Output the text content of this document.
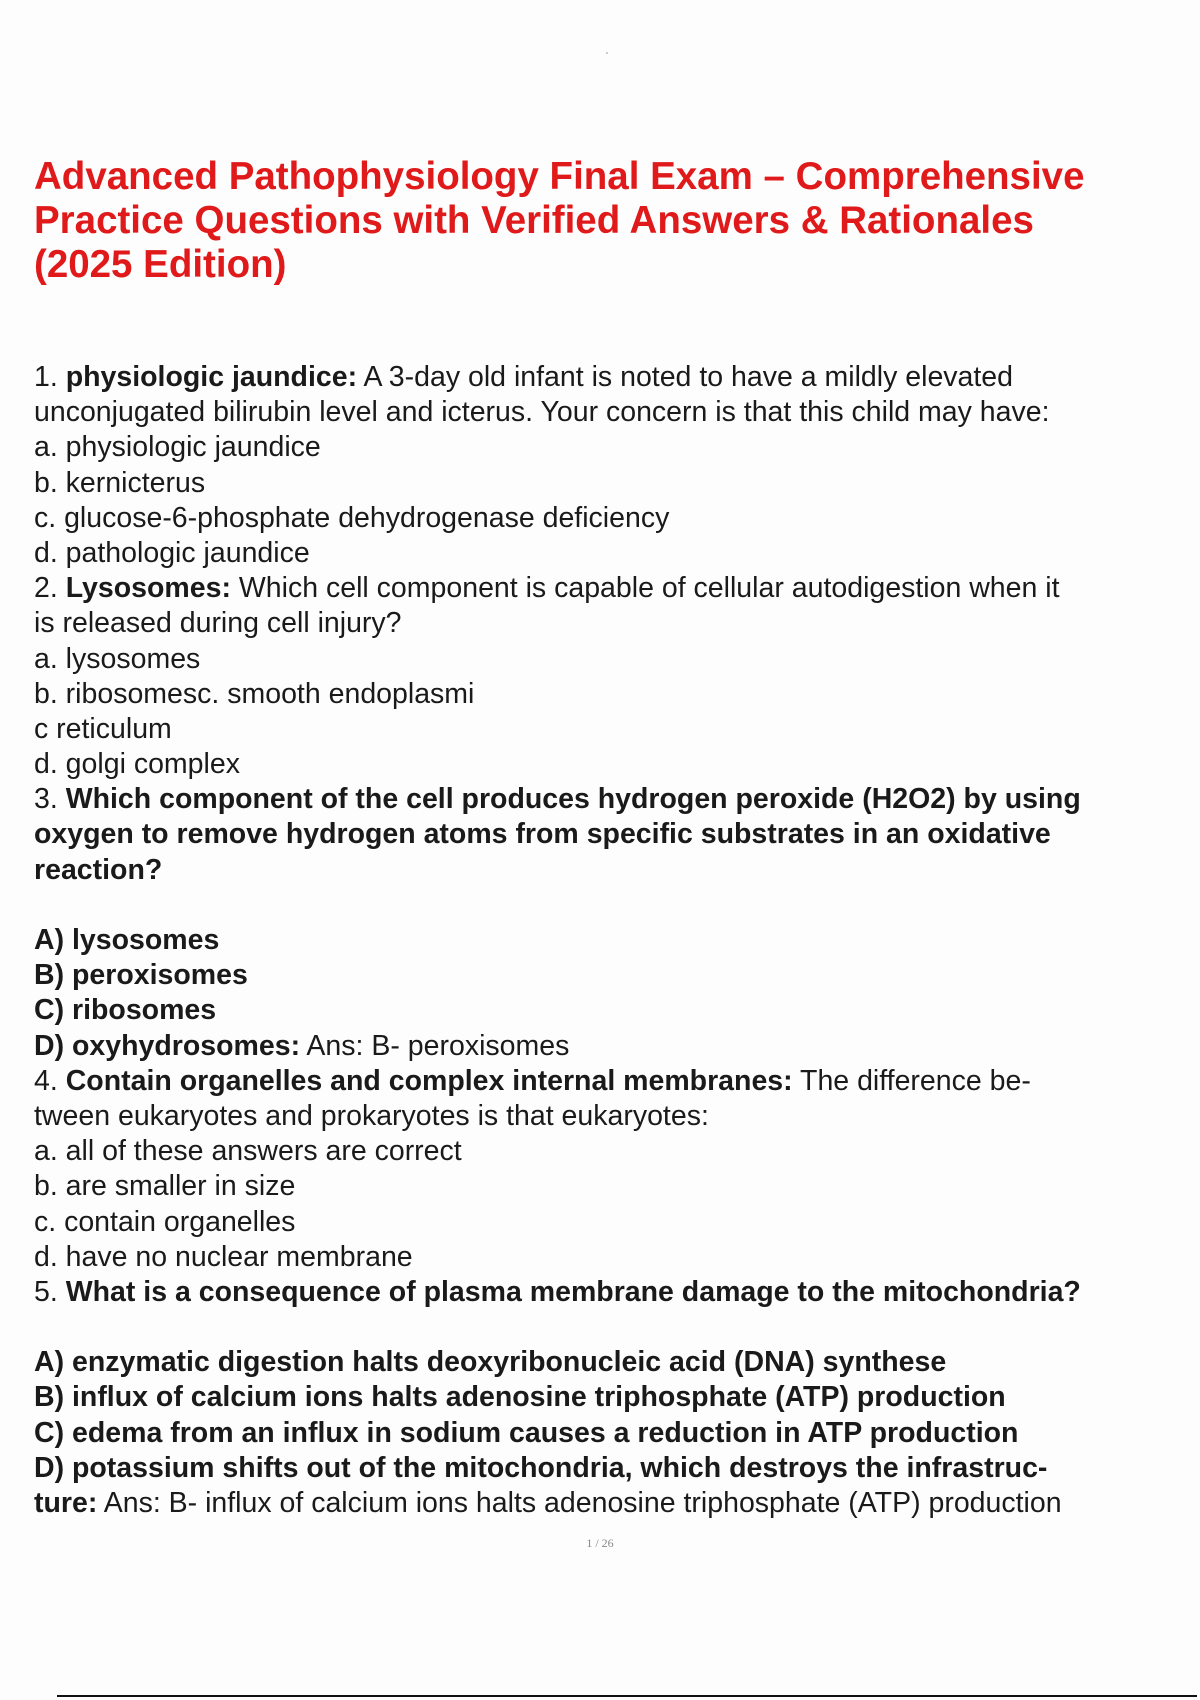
Advanced Pathophysiology Final Exam – Comprehensive
Practice Questions with Verified Answers & Rationales
(2025 Edition)
1. physiologic jaundice: A 3-day old infant is noted to have a mildly elevated
unconjugated bilirubin level and icterus. Your concern is that this child may have:
a. physiologic jaundice
b. kernicterus
c. glucose-6-phosphate dehydrogenase deficiency
d. pathologic jaundice
2. Lysosomes: Which cell component is capable of cellular autodigestion when it
is released during cell injury?
a. lysosomes
b. ribosomesc. smooth endoplasmi
c reticulum
d. golgi complex
3. Which component of the cell produces hydrogen peroxide (H2O2) by using
oxygen to remove hydrogen atoms from specific substrates in an oxidative
reaction?
A) lysosomes
B) peroxisomes
C) ribosomes
D) oxyhydrosomes: Ans: B- peroxisomes
4. Contain organelles and complex internal membranes: The difference be-
tween eukaryotes and prokaryotes is that eukaryotes:
a. all of these answers are correct
b. are smaller in size
c. contain organelles
d. have no nuclear membrane
5. What is a consequence of plasma membrane damage to the mitochondria?
A) enzymatic digestion halts deoxyribonucleic acid (DNA) synthese
B) influx of calcium ions halts adenosine triphosphate (ATP) production
C) edema from an influx in sodium causes a reduction in ATP production
D) potassium shifts out of the mitochondria, which destroys the infrastruc-
ture: Ans: B- influx of calcium ions halts adenosine triphosphate (ATP) production
1 / 26
